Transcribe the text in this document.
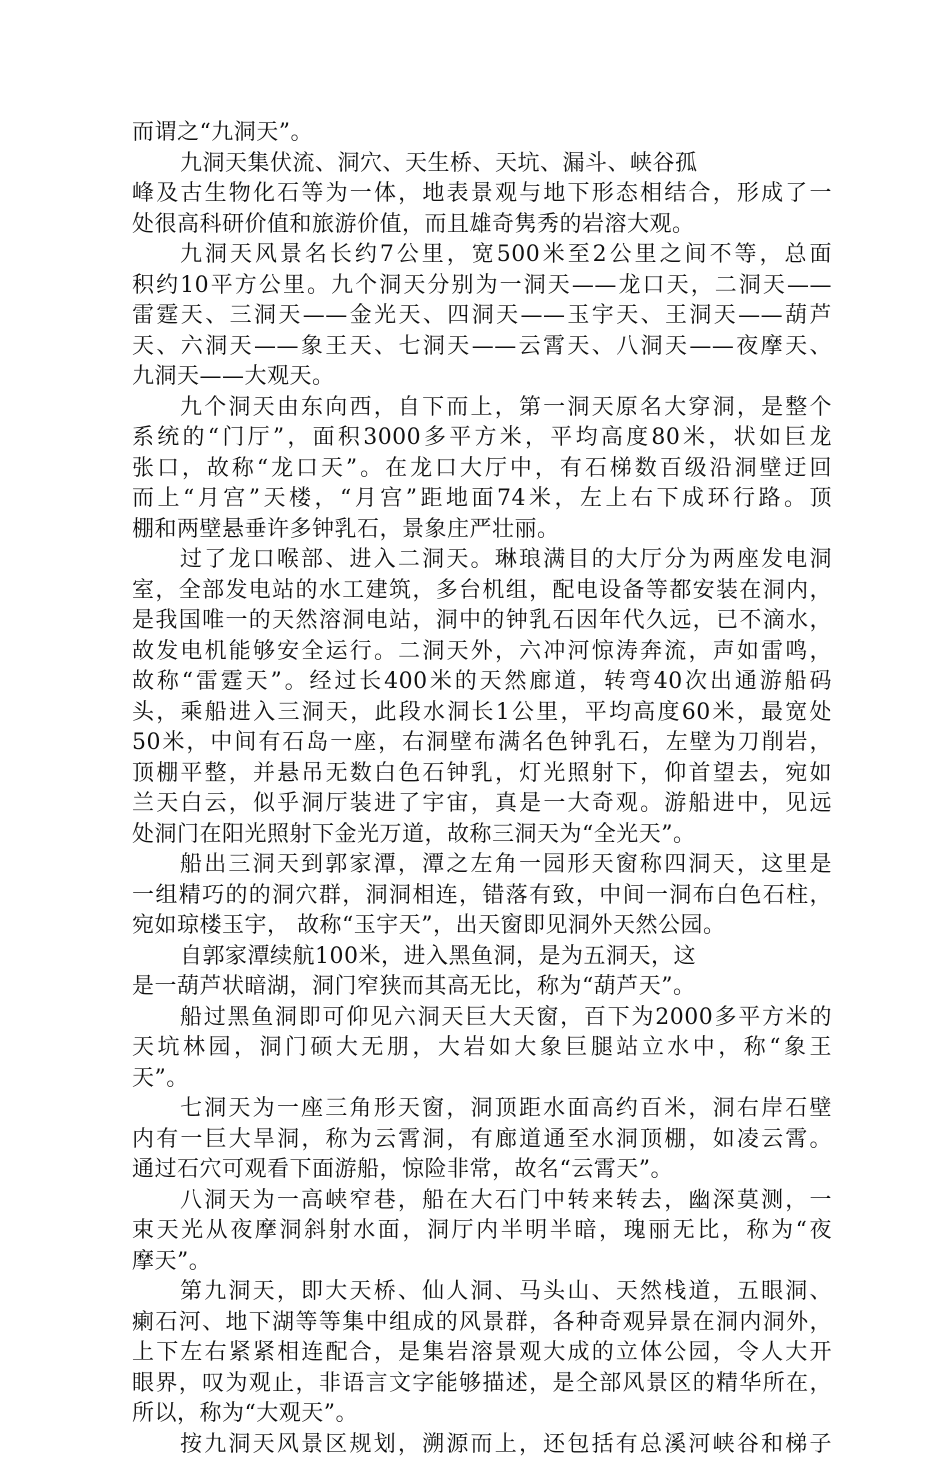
而谓之“九洞天”。
九洞天集伏流、洞穴、天生桥、天坑、漏斗、峡谷孤
峰及古生物化石等为一体，地表景观与地下形态相结合，形成了一
处很高科研价值和旅游价值，而且雄奇隽秀的岩溶大观。
九洞天风景名长约7公里，宽500米至2公里之间不等，总面
积约10平方公里。九个洞天分别为一洞天——龙口天，二洞天——
雷霆天、三洞天——金光天、四洞天——玉宇天、王洞天——葫芦
天、六洞天——象王天、七洞天——云霄天、八洞天——夜摩天、
九洞天——大观天。
九个洞天由东向西，自下而上，第一洞天原名大穿洞，是整个
系统的“门厅”，面积3000多平方米，平均高度80米，状如巨龙
张口，故称“龙口天”。在龙口大厅中，有石梯数百级沿洞壁迂回
而上“月宫”天楼，“月宫”距地面74米，左上右下成环行路。顶
棚和两壁悬垂许多钟乳石，景象庄严壮丽。
过了龙口喉部、进入二洞天。琳琅满目的大厅分为两座发电洞
室，全部发电站的水工建筑，多台机组，配电设备等都安装在洞内，
是我国唯一的天然溶洞电站，洞中的钟乳石因年代久远，已不滴水，
故发电机能够安全运行。二洞天外，六冲河惊涛奔流，声如雷鸣，
故称“雷霆天”。经过长400米的天然廊道，转弯40次出通游船码
头，乘船进入三洞天，此段水洞长1公里，平均高度60米，最宽处
50米，中间有石岛一座，右洞壁布满名色钟乳石，左壁为刀削岩，
顶棚平整，并悬吊无数白色石钟乳，灯光照射下，仰首望去，宛如
兰天白云，似乎洞厅装进了宇宙，真是一大奇观。游船进中，见远
处洞门在阳光照射下金光万道，故称三洞天为“全光天”。
船出三洞天到郭家潭，潭之左角一园形天窗称四洞天，这里是
一组精巧的的洞穴群，洞洞相连，错落有致，中间一洞布白色石柱，
宛如琼楼玉宇， 故称“玉宇天”，出天窗即见洞外天然公园。
自郭家潭续航100米，进入黑鱼洞，是为五洞天，这
是一葫芦状暗湖，洞门窄狭而其高无比，称为“葫芦天”。
船过黑鱼洞即可仰见六洞天巨大天窗，百下为2000多平方米的
天坑林园，洞门硕大无朋，大岩如大象巨腿站立水中，称“象王
天”。
七洞天为一座三角形天窗，洞顶距水面高约百米，洞右岸石壁
内有一巨大旱洞，称为云霄洞，有廊道通至水洞顶棚，如凌云霄。
通过石穴可观看下面游船，惊险非常，故名“云霄天”。
八洞天为一高峡窄巷，船在大石门中转来转去，幽深莫测，一
束天光从夜摩洞斜射水面，洞厅内半明半暗，瑰丽无比，称为“夜
摩天”。
第九洞天，即大天桥、仙人洞、马头山、天然栈道，五眼洞、
瘌石河、地下湖等等集中组成的风景群，各种奇观异景在洞内洞外，
上下左右紧紧相连配合，是集岩溶景观大成的立体公园，令人大开
眼界，叹为观止，非语言文字能够描述，是仝部风景区的精华所在，
所以，称为“大观天”。
按九洞天风景区规划，溯源而上，还包括有总溪河峡谷和梯子
